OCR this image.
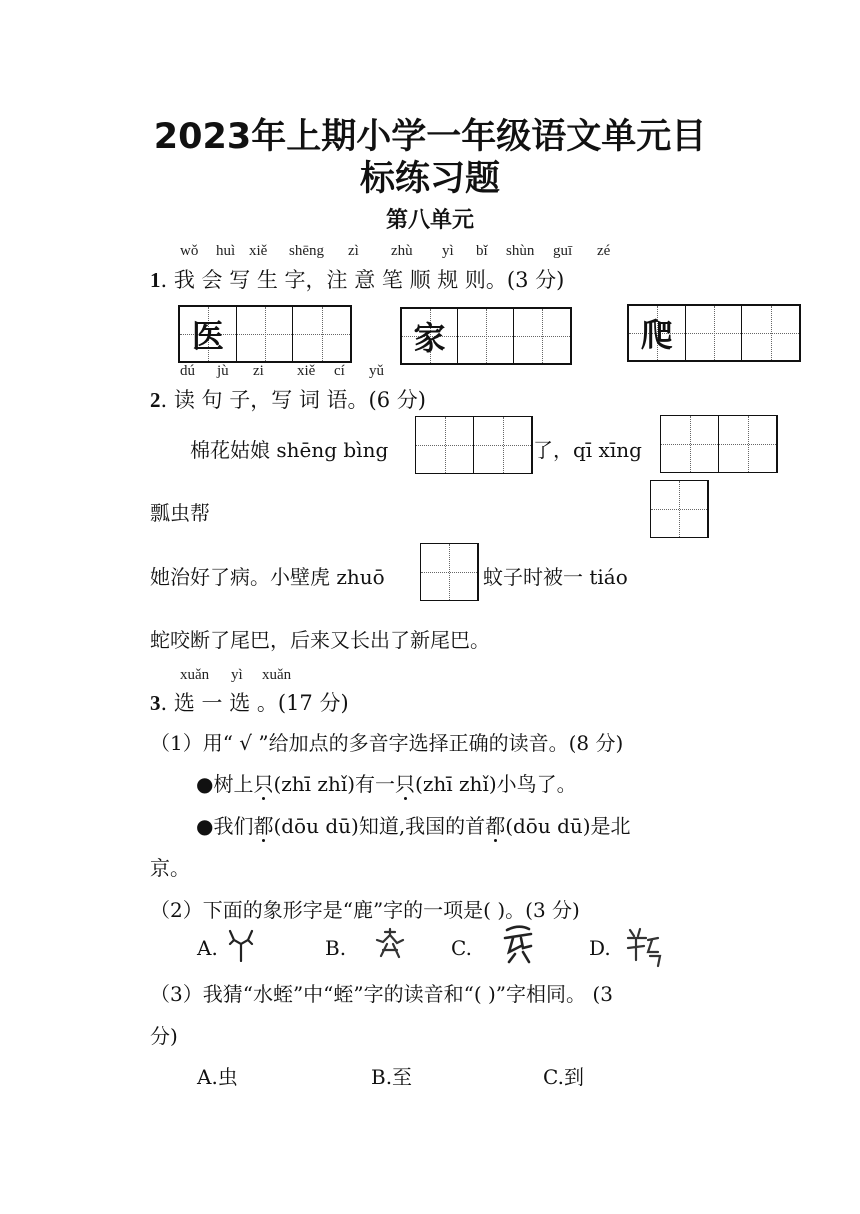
2023年上期小学一年级语文单元目
标练习题
第八单元
wǒ huì xiě shēng zì zhù yì bǐ shùn guī zé
1. 我 会 写 生 字，注 意 笔 顺 规 则。(3 分)
医	家	爬
dú jù zi xiě cí yǔ
2. 读 句 子，写 词 语。(6 分)
棉花姑娘 shēng bìng	了，qī xīng
瓢虫帮
她治好了病。小壁虎 zhuō	蚊子时被一 tiáo
蛇咬断了尾巴，后来又长出了新尾巴。
xuǎn yì xuǎn
3. 选 一 选 。(17 分)
（1）用“ √ ”给加点的多音字选择正确的读音。(8 分)
●树上只(zhī zhǐ)有一只(zhī zhǐ)小鸟了。
●我们都(dōu dū)知道,我国的首都(dōu dū)是北
京。
（2）下面的象形字是“鹿”字的一项是( )。(3 分)
A.	B.	C.	D.
（3）我猜“水蛭”中“蛭”字的读音和“( )”字相同。 (3
分)
A.虫	B.至	C.到
